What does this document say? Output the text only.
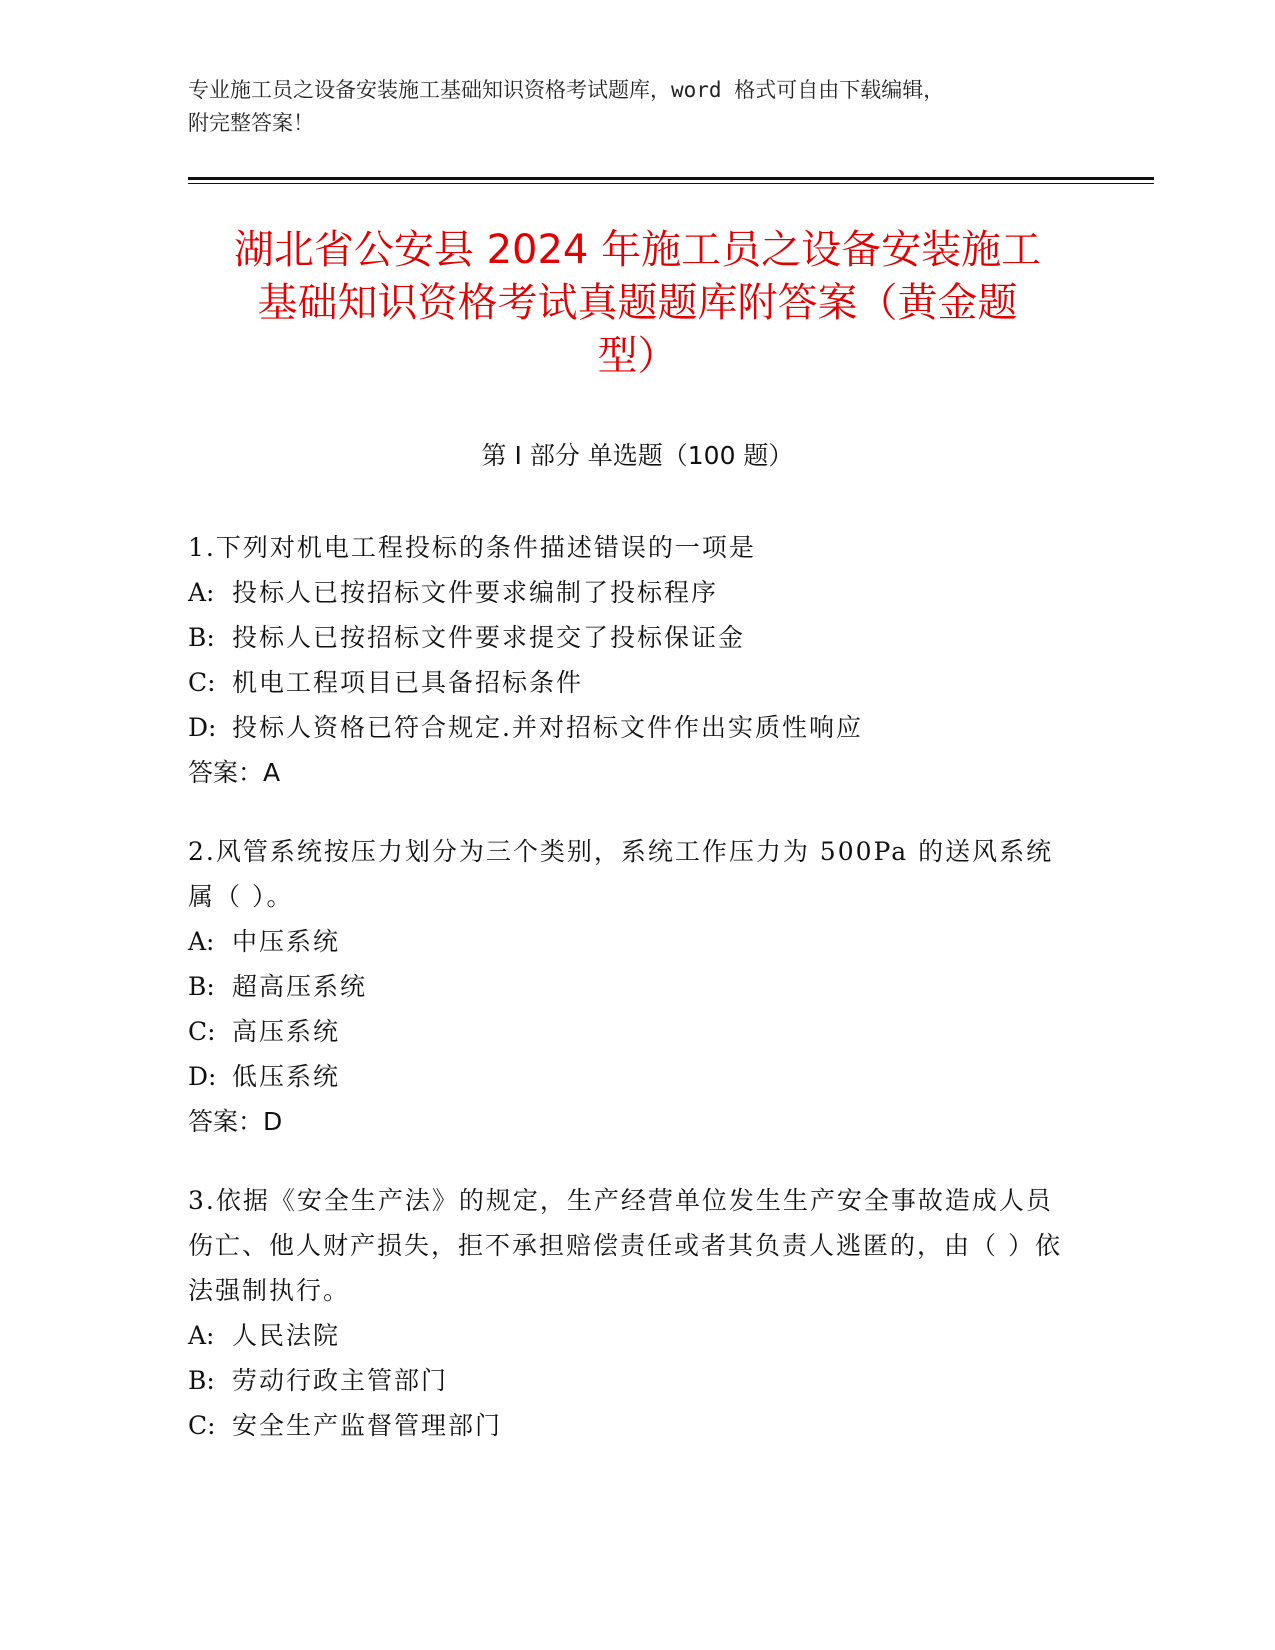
专业施工员之设备安装施工基础知识资格考试题库，word 格式可自由下载编辑，
附完整答案！
湖北省公安县 2024 年施工员之设备安装施工
基础知识资格考试真题题库附答案（黄金题
型）
第 I 部分 单选题（100 题）
1.下列对机电工程投标的条件描述错误的一项是
A: 投标人已按招标文件要求编制了投标程序
B: 投标人已按招标文件要求提交了投标保证金
C: 机电工程项目已具备招标条件
D: 投标人资格已符合规定.并对招标文件作出实质性响应
答案：A
2.风管系统按压力划分为三个类别，系统工作压力为 500Pa 的送风系统属（ ）。
A: 中压系统
B: 超高压系统
C: 高压系统
D: 低压系统
答案：D
3.依据《安全生产法》的规定，生产经营单位发生生产安全事故造成人员伤亡、他人财产损失，拒不承担赔偿责任或者其负责人逃匿的，由（ ）依法强制执行。
A: 人民法院
B: 劳动行政主管部门
C: 安全生产监督管理部门
